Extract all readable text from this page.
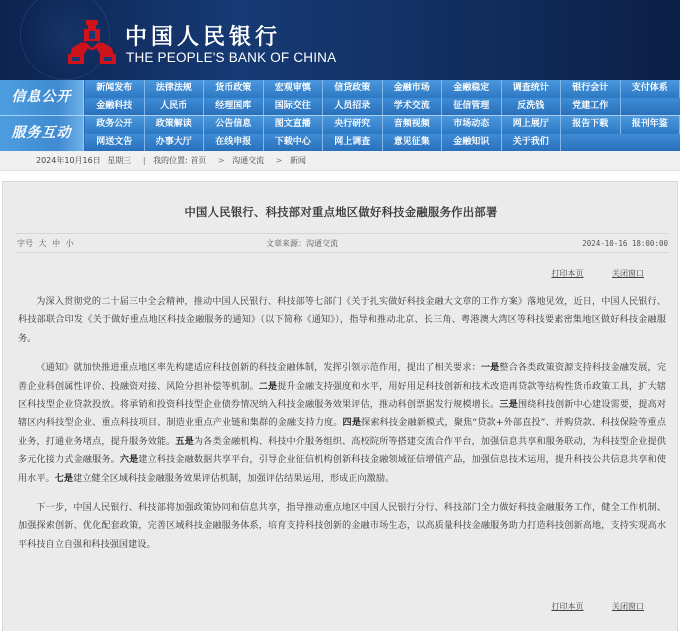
中国人民银行
THE PEOPLE'S BANK OF CHINA
信息公开
新闻发布	法律法规	货币政策	宏观审慎	信贷政策	金融市场	金融稳定	调查统计	银行会计	支付体系
金融科技	人民币	经理国库	国际交往	人员招录	学术交流	征信管理	反洗钱	党建工作
服务互动
政务公开	政策解读	公告信息	图文直播	央行研究	音频视频	市场动态	网上展厅	报告下载	报刊年鉴
网送文告	办事大厅	在线申报	下载中心	网上调查	意见征集	金融知识	关于我们
2024年10月16日 星期三 | 我的位置: 首页 > 沟通交流 > 新闻
中国人民银行、科技部对重点地区做好科技金融服务作出部署
字号 大 中 小	文章来源：沟通交流	2024-10-16 18:00:00
打印本页	关闭窗口

为深入贯彻党的二十届三中全会精神，推动中国人民银行、科技部等七部门《关于扎实做好科技金融大文章的工作方案》落地见效，近日，中国人民银行、科技部联合印发《关于做好重点地区科技金融服务的通知》（以下简称《通知》），指导和推动北京、长三角、粤港澳大湾区等科技要素密集地区做好科技金融服务。

《通知》就加快推进重点地区率先构建适应科技创新的科技金融体制，发挥引领示范作用，提出了相关要求：一是整合各类政策资源支持科技金融发展，完善企业科创属性评价、投融资对接、风险分担补偿等机制。二是提升金融支持强度和水平，用好用足科技创新和技术改造再贷款等结构性货币政策工具，扩大辖区科技型企业贷款投放。将承销和投资科技型企业债券情况纳入科技金融服务效果评估，推动科创票据发行规模增长。三是围绕科技创新中心建设需要，提高对辖区内科技型企业、重点科技项目、制造业重点产业链和集群的金融支持力度。四是探索科技金融新模式，聚焦“贷款+外部直投”、并购贷款、科技保险等重点业务，打通业务堵点，提升服务效能。五是为各类金融机构、科技中介服务组织、高校院所等搭建交流合作平台，加强信息共享和服务联动，为科技型企业提供多元化接力式金融服务。六是建立科技金融数据共享平台，引导企业征信机构创新科技金融领域征信增值产品，加强信息技术运用，提升科技公共信息共享和使用水平。七是建立健全区域科技金融服务效果评估机制，加强评估结果运用，形成正向激励。

下一步，中国人民银行、科技部将加强政策协同和信息共享，指导推动重点地区中国人民银行分行、科技部门全力做好科技金融服务工作，健全工作机制、加强探索创新、优化配套政策，完善区域科技金融服务体系，培育支持科技创新的金融市场生态，以高质量科技金融服务助力打造科技创新高地，支持实现高水平科技自立自强和科技强国建设。

打印本页	关闭窗口
